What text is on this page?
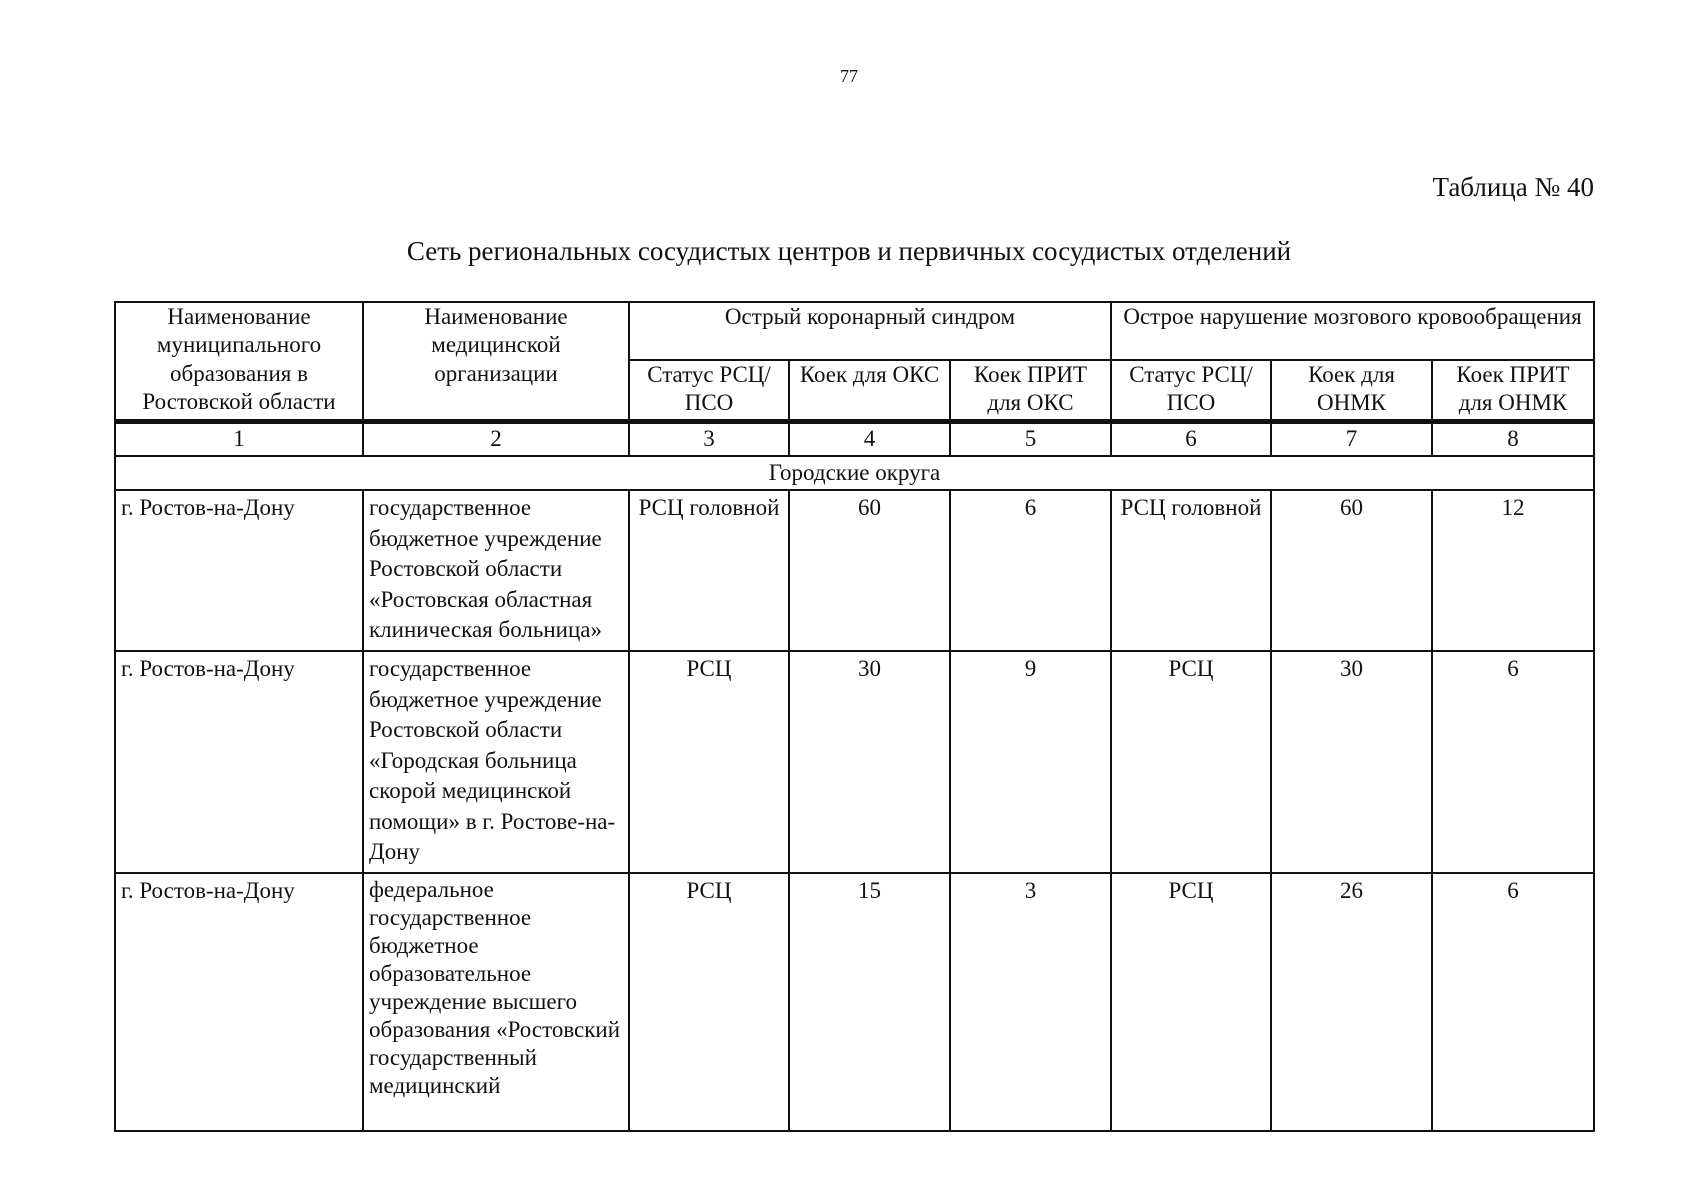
77
Таблица № 40
Сеть региональных сосудистых центров и первичных сосудистых отделений
Наименование муниципального образования в Ростовской области	Наименование медицинской организации	Острый коронарный синдром			Острое нарушение мозгового кровообращения		
		Статус РСЦ/ПСО	Коек для ОКС	Коек ПРИТ для ОКС	Статус РСЦ/ПСО	Коек для ОНМК	Коек ПРИТ для ОНМК
1	2	3	4	5	6	7	8
Городские округа							
г. Ростов-на-Дону	государственное бюджетное учреждение Ростовской области «Ростовская областная клиническая больница»	РСЦ головной	60	6	РСЦ головной	60	12
г. Ростов-на-Дону	государственное бюджетное учреждение Ростовской области «Городская больница скорой медицинской помощи» в г. Ростове-на-Дону	РСЦ	30	9	РСЦ	30	6
г. Ростов-на-Дону	федеральное государственное бюджетное образовательное учреждение высшего образования «Ростовский государственный медицинский	РСЦ	15	3	РСЦ	26	6
